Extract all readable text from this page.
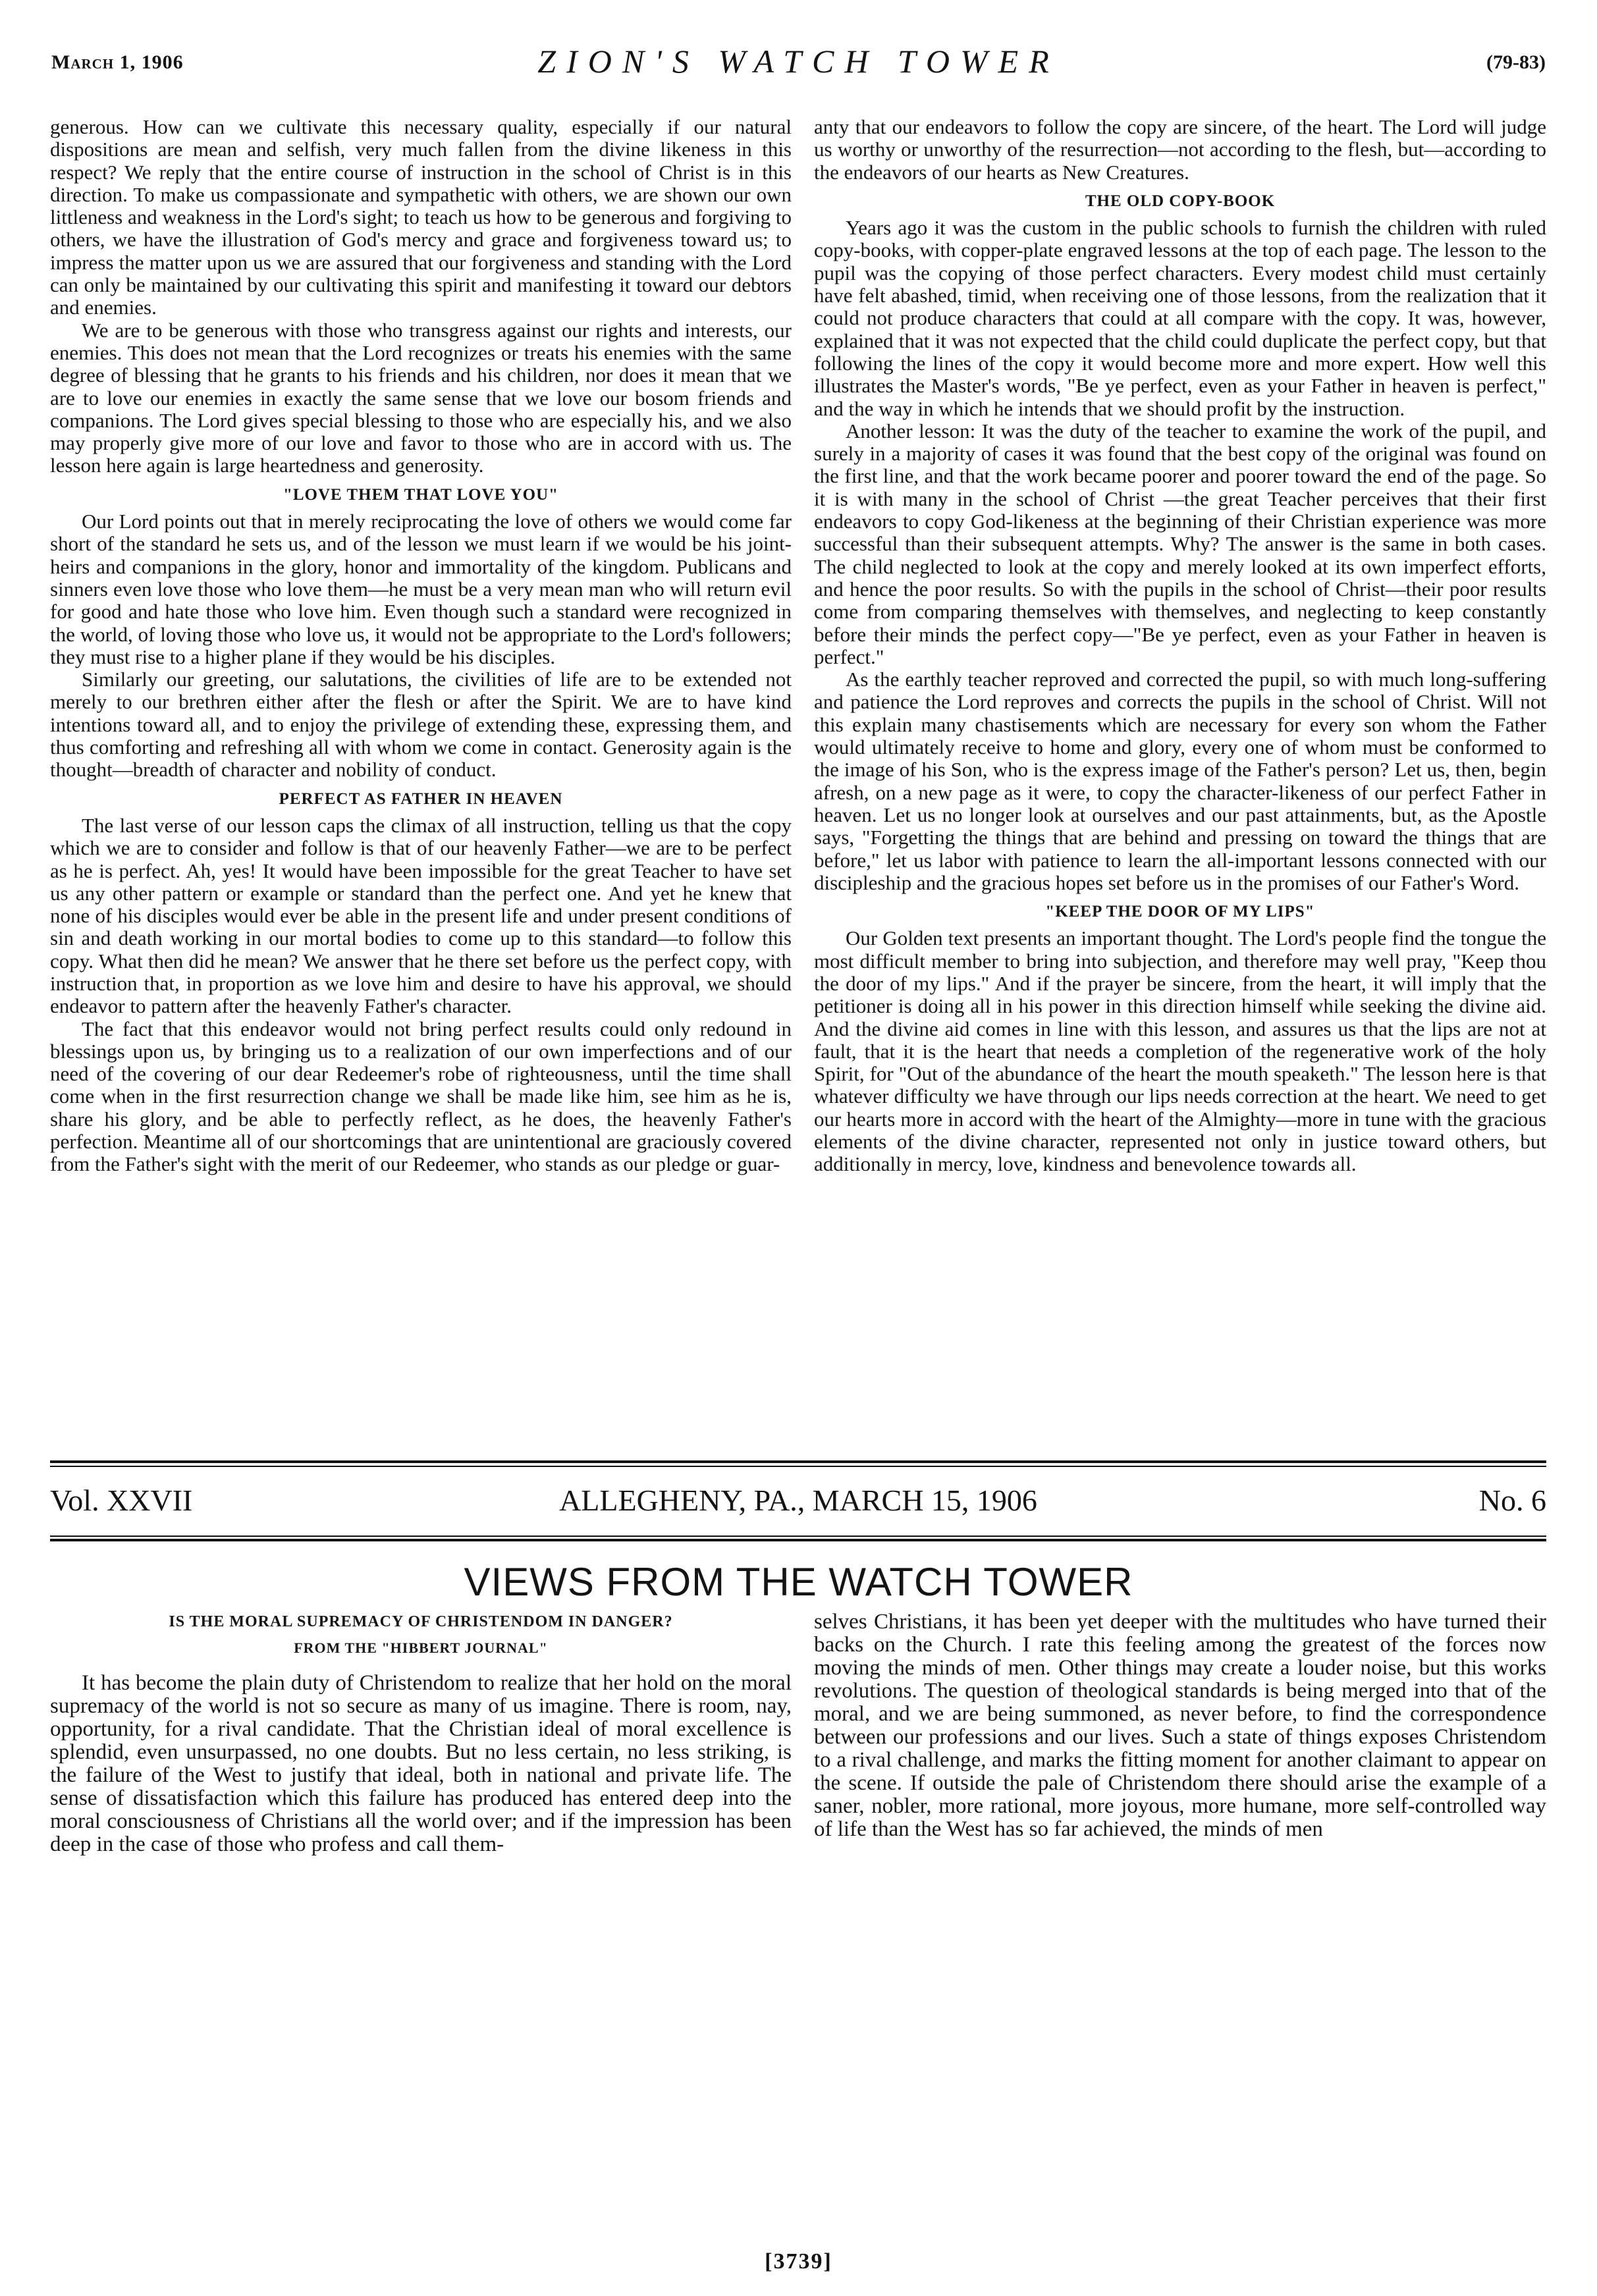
March 1, 1906	ZION'S WATCH TOWER	(79-83)

generous. How can we cultivate this necessary quality, especially if our natural dispositions are mean and selfish, very much fallen from the divine likeness in this respect? We reply that the entire course of instruction in the school of Christ is in this direction. To make us compassionate and sympathetic with others, we are shown our own littleness and weakness in the Lord's sight; to teach us how to be generous and forgiving to others, we have the illustration of God's mercy and grace and forgiveness toward us; to impress the matter upon us we are assured that our forgiveness and standing with the Lord can only be maintained by our cultivating this spirit and manifesting it toward our debtors and enemies.

We are to be generous with those who transgress against our rights and interests, our enemies. This does not mean that the Lord recognizes or treats his enemies with the same degree of blessing that he grants to his friends and his children, nor does it mean that we are to love our enemies in exactly the same sense that we love our bosom friends and companions. The Lord gives special blessing to those who are especially his, and we also may properly give more of our love and favor to those who are in accord with us. The lesson here again is large heartedness and generosity.

"LOVE THEM THAT LOVE YOU"

Our Lord points out that in merely reciprocating the love of others we would come far short of the standard he sets us, and of the lesson we must learn if we would be his joint-heirs and companions in the glory, honor and immortality of the kingdom. Publicans and sinners even love those who love them—he must be a very mean man who will return evil for good and hate those who love him. Even though such a standard were recognized in the world, of loving those who love us, it would not be appropriate to the Lord's followers; they must rise to a higher plane if they would be his disciples.

Similarly our greeting, our salutations, the civilities of life are to be extended not merely to our brethren either after the flesh or after the Spirit. We are to have kind intentions toward all, and to enjoy the privilege of extending these, expressing them, and thus comforting and refreshing all with whom we come in contact. Generosity again is the thought—breadth of character and nobility of conduct.

PERFECT AS FATHER IN HEAVEN

The last verse of our lesson caps the climax of all instruction, telling us that the copy which we are to consider and follow is that of our heavenly Father—we are to be perfect as he is perfect. Ah, yes! It would have been impossible for the great Teacher to have set us any other pattern or example or standard than the perfect one. And yet he knew that none of his disciples would ever be able in the present life and under present conditions of sin and death working in our mortal bodies to come up to this standard—to follow this copy. What then did he mean? We answer that he there set before us the perfect copy, with instruction that, in proportion as we love him and desire to have his approval, we should endeavor to pattern after the heavenly Father's character.

The fact that this endeavor would not bring perfect results could only redound in blessings upon us, by bringing us to a realization of our own imperfections and of our need of the covering of our dear Redeemer's robe of righteousness, until the time shall come when in the first resurrection change we shall be made like him, see him as he is, share his glory, and be able to perfectly reflect, as he does, the heavenly Father's perfection. Meantime all of our shortcomings that are unintentional are graciously covered from the Father's sight with the merit of our Redeemer, who stands as our pledge or guar-

anty that our endeavors to follow the copy are sincere, of the heart. The Lord will judge us worthy or unworthy of the resurrection—not according to the flesh, but—according to the endeavors of our hearts as New Creatures.

THE OLD COPY-BOOK

Years ago it was the custom in the public schools to furnish the children with ruled copy-books, with copper-plate engraved lessons at the top of each page. The lesson to the pupil was the copying of those perfect characters. Every modest child must certainly have felt abashed, timid, when receiving one of those lessons, from the realization that it could not produce characters that could at all compare with the copy. It was, however, explained that it was not expected that the child could duplicate the perfect copy, but that following the lines of the copy it would become more and more expert. How well this illustrates the Master's words, "Be ye perfect, even as your Father in heaven is perfect," and the way in which he intends that we should profit by the instruction.

Another lesson: It was the duty of the teacher to examine the work of the pupil, and surely in a majority of cases it was found that the best copy of the original was found on the first line, and that the work became poorer and poorer toward the end of the page. So it is with many in the school of Christ —the great Teacher perceives that their first endeavors to copy God-likeness at the beginning of their Christian experience was more successful than their subsequent attempts. Why? The answer is the same in both cases. The child neglected to look at the copy and merely looked at its own imperfect efforts, and hence the poor results. So with the pupils in the school of Christ—their poor results come from comparing themselves with themselves, and neglecting to keep constantly before their minds the perfect copy—"Be ye perfect, even as your Father in heaven is perfect."

As the earthly teacher reproved and corrected the pupil, so with much long-suffering and patience the Lord reproves and corrects the pupils in the school of Christ. Will not this explain many chastisements which are necessary for every son whom the Father would ultimately receive to home and glory, every one of whom must be conformed to the image of his Son, who is the express image of the Father's person? Let us, then, begin afresh, on a new page as it were, to copy the character-likeness of our perfect Father in heaven. Let us no longer look at ourselves and our past attainments, but, as the Apostle says, "Forgetting the things that are behind and pressing on toward the things that are before," let us labor with patience to learn the all-important lessons connected with our discipleship and the gracious hopes set before us in the promises of our Father's Word.

"KEEP THE DOOR OF MY LIPS"

Our Golden text presents an important thought. The Lord's people find the tongue the most difficult member to bring into subjection, and therefore may well pray, "Keep thou the door of my lips." And if the prayer be sincere, from the heart, it will imply that the petitioner is doing all in his power in this direction himself while seeking the divine aid. And the divine aid comes in line with this lesson, and assures us that the lips are not at fault, that it is the heart that needs a completion of the regenerative work of the holy Spirit, for "Out of the abundance of the heart the mouth speaketh." The lesson here is that whatever difficulty we have through our lips needs correction at the heart. We need to get our hearts more in accord with the heart of the Almighty—more in tune with the gracious elements of the divine character, represented not only in justice toward others, but additionally in mercy, love, kindness and benevolence towards all.

Vol. XXVII	ALLEGHENY, PA., MARCH 15, 1906	No. 6
VIEWS FROM THE WATCH TOWER
IS THE MORAL SUPREMACY OF CHRISTENDOM IN DANGER?
FROM THE "HIBBERT JOURNAL"

It has become the plain duty of Christendom to realize that her hold on the moral supremacy of the world is not so secure as many of us imagine. There is room, nay, opportunity, for a rival candidate. That the Christian ideal of moral excellence is splendid, even unsurpassed, no one doubts. But no less certain, no less striking, is the failure of the West to justify that ideal, both in national and private life. The sense of dissatisfaction which this failure has produced has entered deep into the moral consciousness of Christians all the world over; and if the impression has been deep in the case of those who profess and call them-

selves Christians, it has been yet deeper with the multitudes who have turned their backs on the Church. I rate this feeling among the greatest of the forces now moving the minds of men. Other things may create a louder noise, but this works revolutions. The question of theological standards is being merged into that of the moral, and we are being summoned, as never before, to find the correspondence between our professions and our lives. Such a state of things exposes Christendom to a rival challenge, and marks the fitting moment for another claimant to appear on the scene. If outside the pale of Christendom there should arise the example of a saner, nobler, more rational, more joyous, more humane, more self-controlled way of life than the West has so far achieved, the minds of men

[3739]
